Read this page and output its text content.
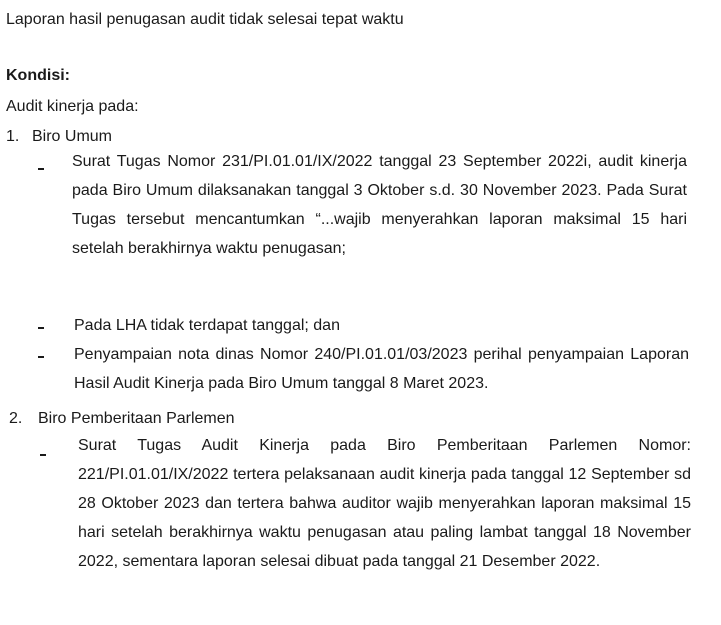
Laporan hasil penugasan audit tidak selesai tepat waktu
Kondisi:
Audit kinerja pada:
1. Biro Umum
Surat Tugas Nomor 231/PI.01.01/IX/2022 tanggal 23 September 2022i, audit kinerja pada Biro Umum dilaksanakan tanggal 3 Oktober s.d. 30 November 2023. Pada Surat Tugas tersebut mencantumkan “...wajib menyerahkan laporan maksimal 15 hari setelah berakhirnya waktu penugasan;
Pada LHA tidak terdapat tanggal; dan
Penyampaian nota dinas Nomor 240/PI.01.01/03/2023 perihal penyampaian Laporan Hasil Audit Kinerja pada Biro Umum tanggal 8 Maret 2023.
2. Biro Pemberitaan Parlemen
Surat Tugas Audit Kinerja pada Biro Pemberitaan Parlemen Nomor: 221/PI.01.01/IX/2022 tertera pelaksanaan audit kinerja pada tanggal 12 September sd 28 Oktober 2023 dan tertera bahwa auditor wajib menyerahkan laporan maksimal 15 hari setelah berakhirnya waktu penugasan atau paling lambat tanggal 18 November 2022, sementara laporan selesai dibuat pada tanggal 21 Desember 2022.
